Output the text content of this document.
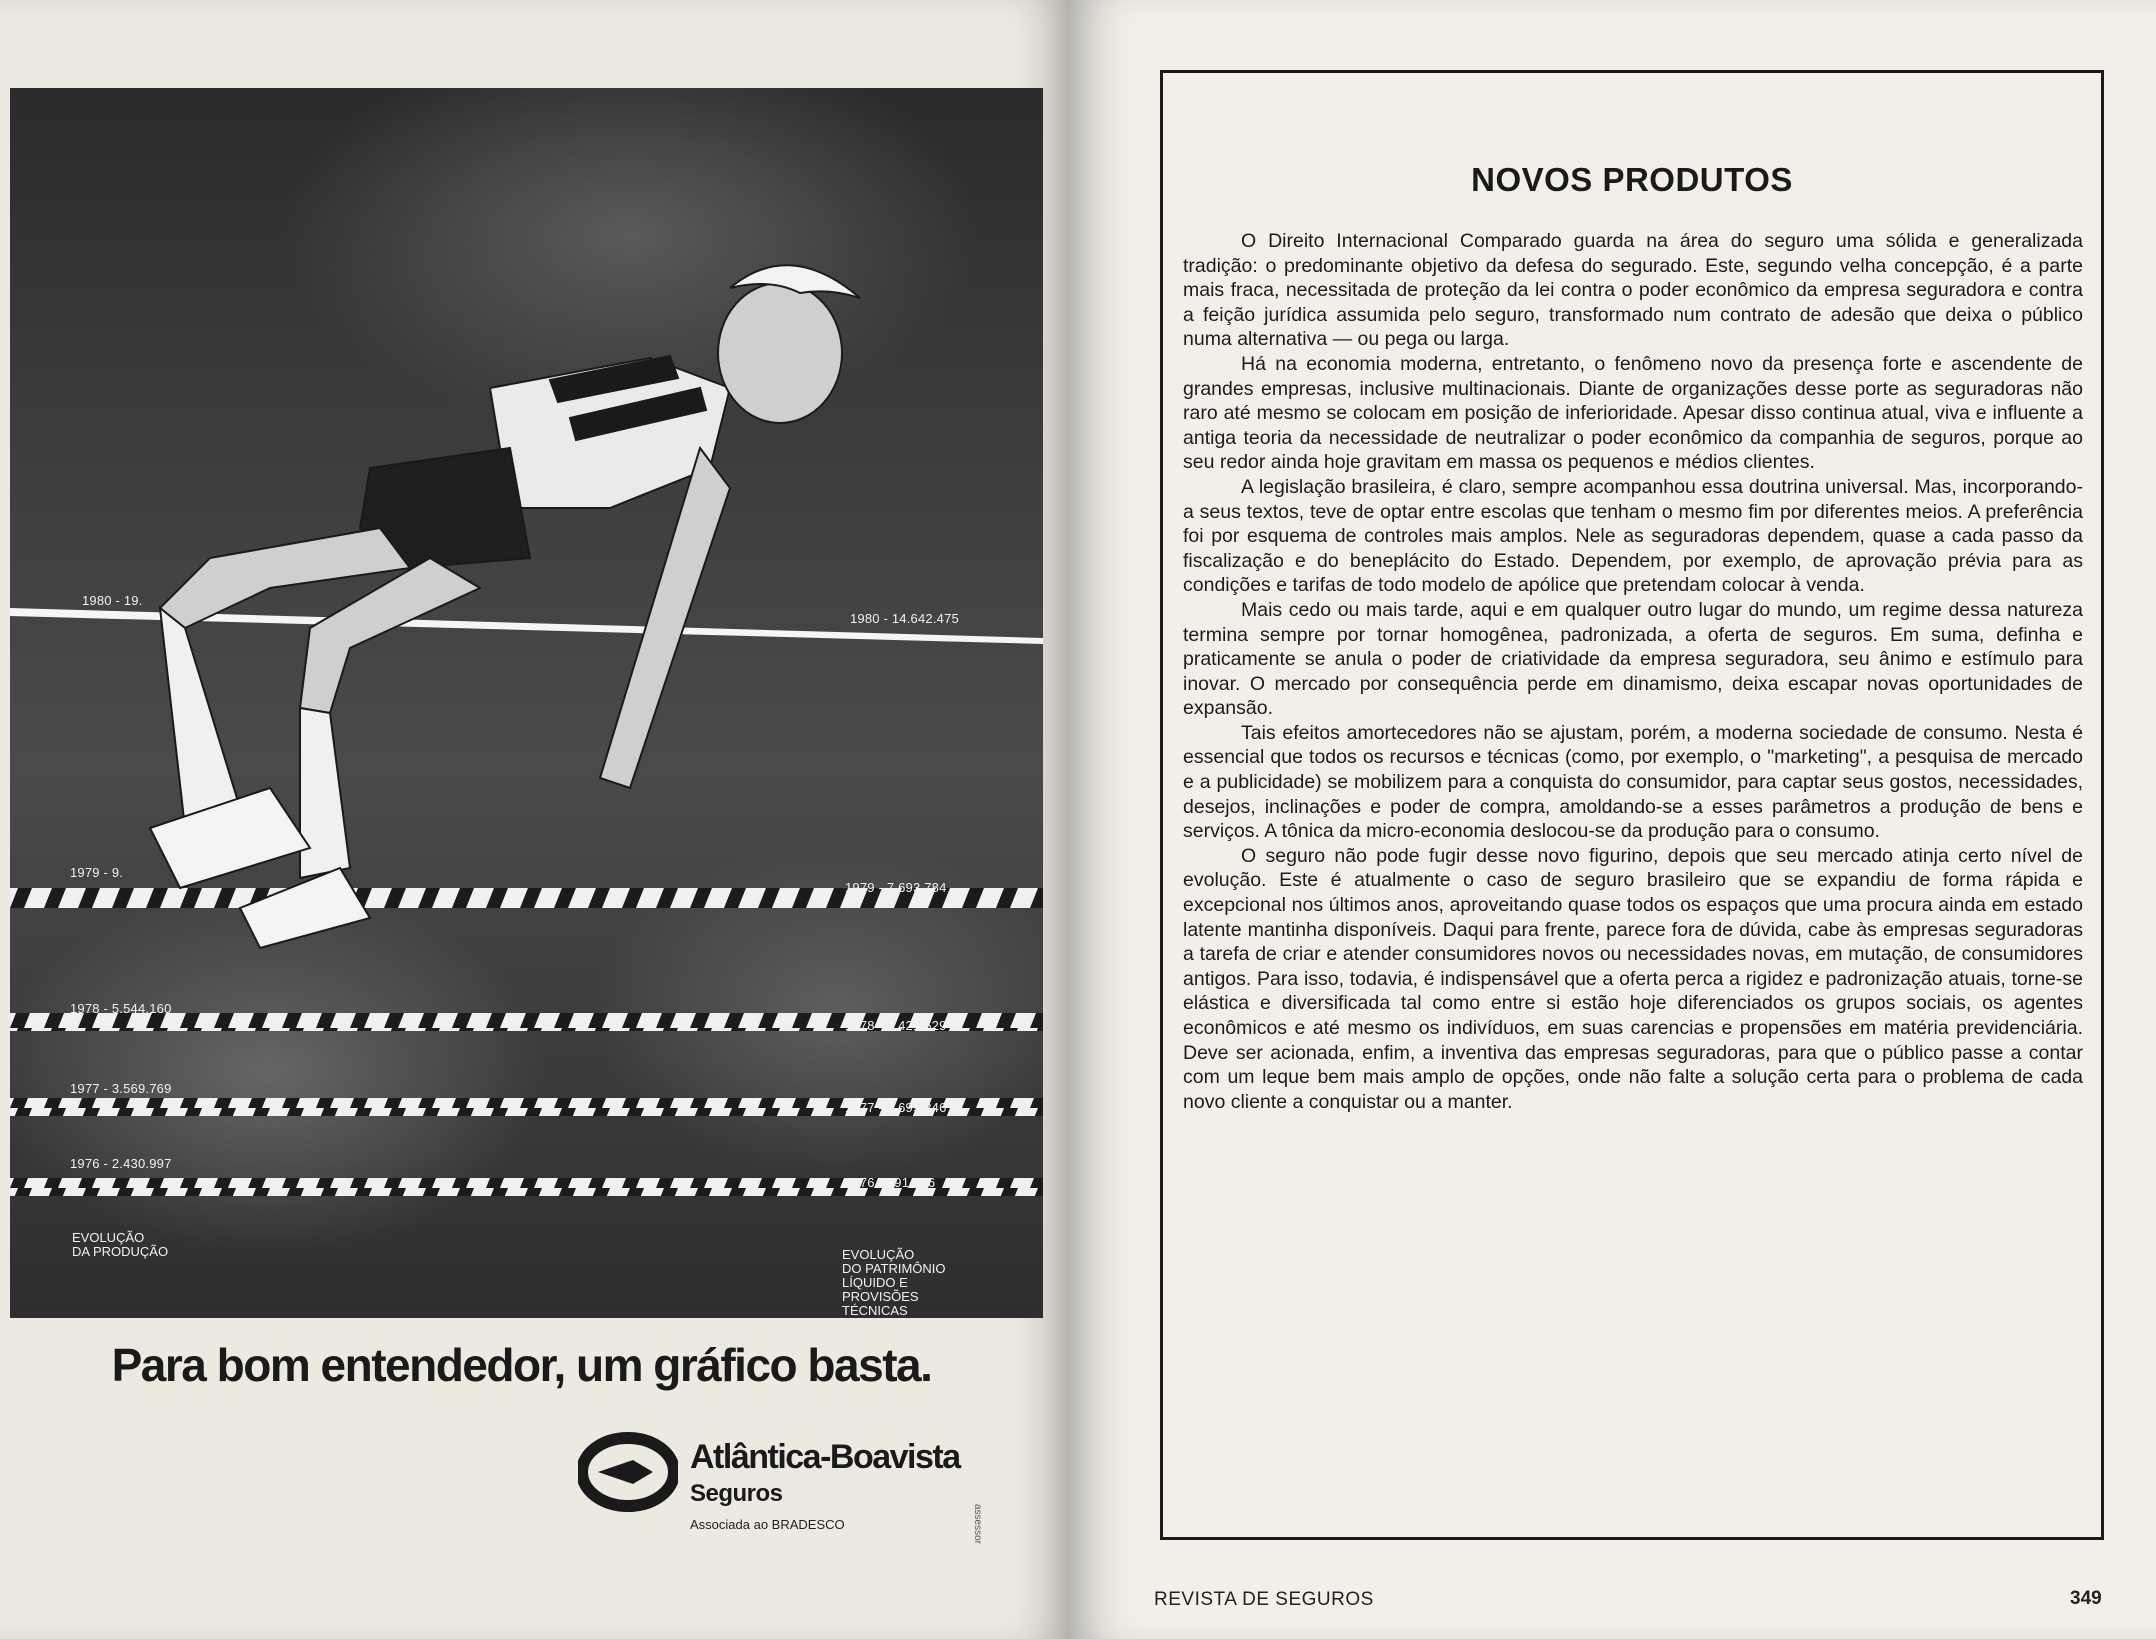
1980 - 19.
1980 - 14.642.475
1979 - 9.
1979 - 7.693.784
1978 - 5.544.160
1978 - 4.421.629
1977 - 3.569.769
1977 - 1.699.246
1976 - 2.430.997
1976 - 991.486
EVOLUÇÃO
DA PRODUÇÃO	EVOLUÇÃO
DO PATRIMÔNIO
LÍQUIDO E
PROVISÕES
TÉCNICAS
Para bom entendedor, um gráfico basta.
Atlântica-Boavista
Seguros
Associada ao BRADESCO	assessor
NOVOS PRODUTOS

O Direito Internacional Comparado guarda na área do seguro uma sólida e generalizada tradição: o predominante objetivo da defesa do segurado. Este, segundo velha concepção, é a parte mais fraca, necessitada de proteção da lei contra o poder econômico da empresa seguradora e contra a feição jurídica assumida pelo seguro, transformado num contrato de adesão que deixa o público numa alternativa — ou pega ou larga.

Há na economia moderna, entretanto, o fenômeno novo da presença forte e ascendente de grandes empresas, inclusive multinacionais. Diante de organizações desse porte as seguradoras não raro até mesmo se colocam em posição de inferioridade. Apesar disso continua atual, viva e influente a antiga teoria da necessidade de neutralizar o poder econômico da companhia de seguros, porque ao seu redor ainda hoje gravitam em massa os pequenos e médios clientes.

A legislação brasileira, é claro, sempre acompanhou essa doutrina universal. Mas, incorporando-a seus textos, teve de optar entre escolas que tenham o mesmo fim por diferentes meios. A preferência foi por esquema de controles mais amplos. Nele as seguradoras dependem, quase a cada passo da fiscalização e do beneplácito do Estado. Dependem, por exemplo, de aprovação prévia para as condições e tarifas de todo modelo de apólice que pretendam colocar à venda.

Mais cedo ou mais tarde, aqui e em qualquer outro lugar do mundo, um regime dessa natureza termina sempre por tornar homogênea, padronizada, a oferta de seguros. Em suma, definha e praticamente se anula o poder de criatividade da empresa seguradora, seu ânimo e estímulo para inovar. O mercado por consequência perde em dinamismo, deixa escapar novas oportunidades de expansão.

Tais efeitos amortecedores não se ajustam, porém, a moderna sociedade de consumo. Nesta é essencial que todos os recursos e técnicas (como, por exemplo, o "marketing", a pesquisa de mercado e a publicidade) se mobilizem para a conquista do consumidor, para captar seus gostos, necessidades, desejos, inclinações e poder de compra, amoldando-se a esses parâmetros a produção de bens e serviços. A tônica da micro-economia deslocou-se da produção para o consumo.

O seguro não pode fugir desse novo figurino, depois que seu mercado atinja certo nível de evolução. Este é atualmente o caso de seguro brasileiro que se expandiu de forma rápida e excepcional nos últimos anos, aproveitando quase todos os espaços que uma procura ainda em estado latente mantinha disponíveis. Daqui para frente, parece fora de dúvida, cabe às empresas seguradoras a tarefa de criar e atender consumidores novos ou necessidades novas, em mutação, de consumidores antigos. Para isso, todavia, é indispensável que a oferta perca a rigidez e padronização atuais, torne-se elástica e diversificada tal como entre si estão hoje diferenciados os grupos sociais, os agentes econômicos e até mesmo os indivíduos, em suas carencias e propensões em matéria previdenciária. Deve ser acionada, enfim, a inventiva das empresas seguradoras, para que o público passe a contar com um leque bem mais amplo de opções, onde não falte a solução certa para o problema de cada novo cliente a conquistar ou a manter.

REVISTA DE SEGUROS	349
